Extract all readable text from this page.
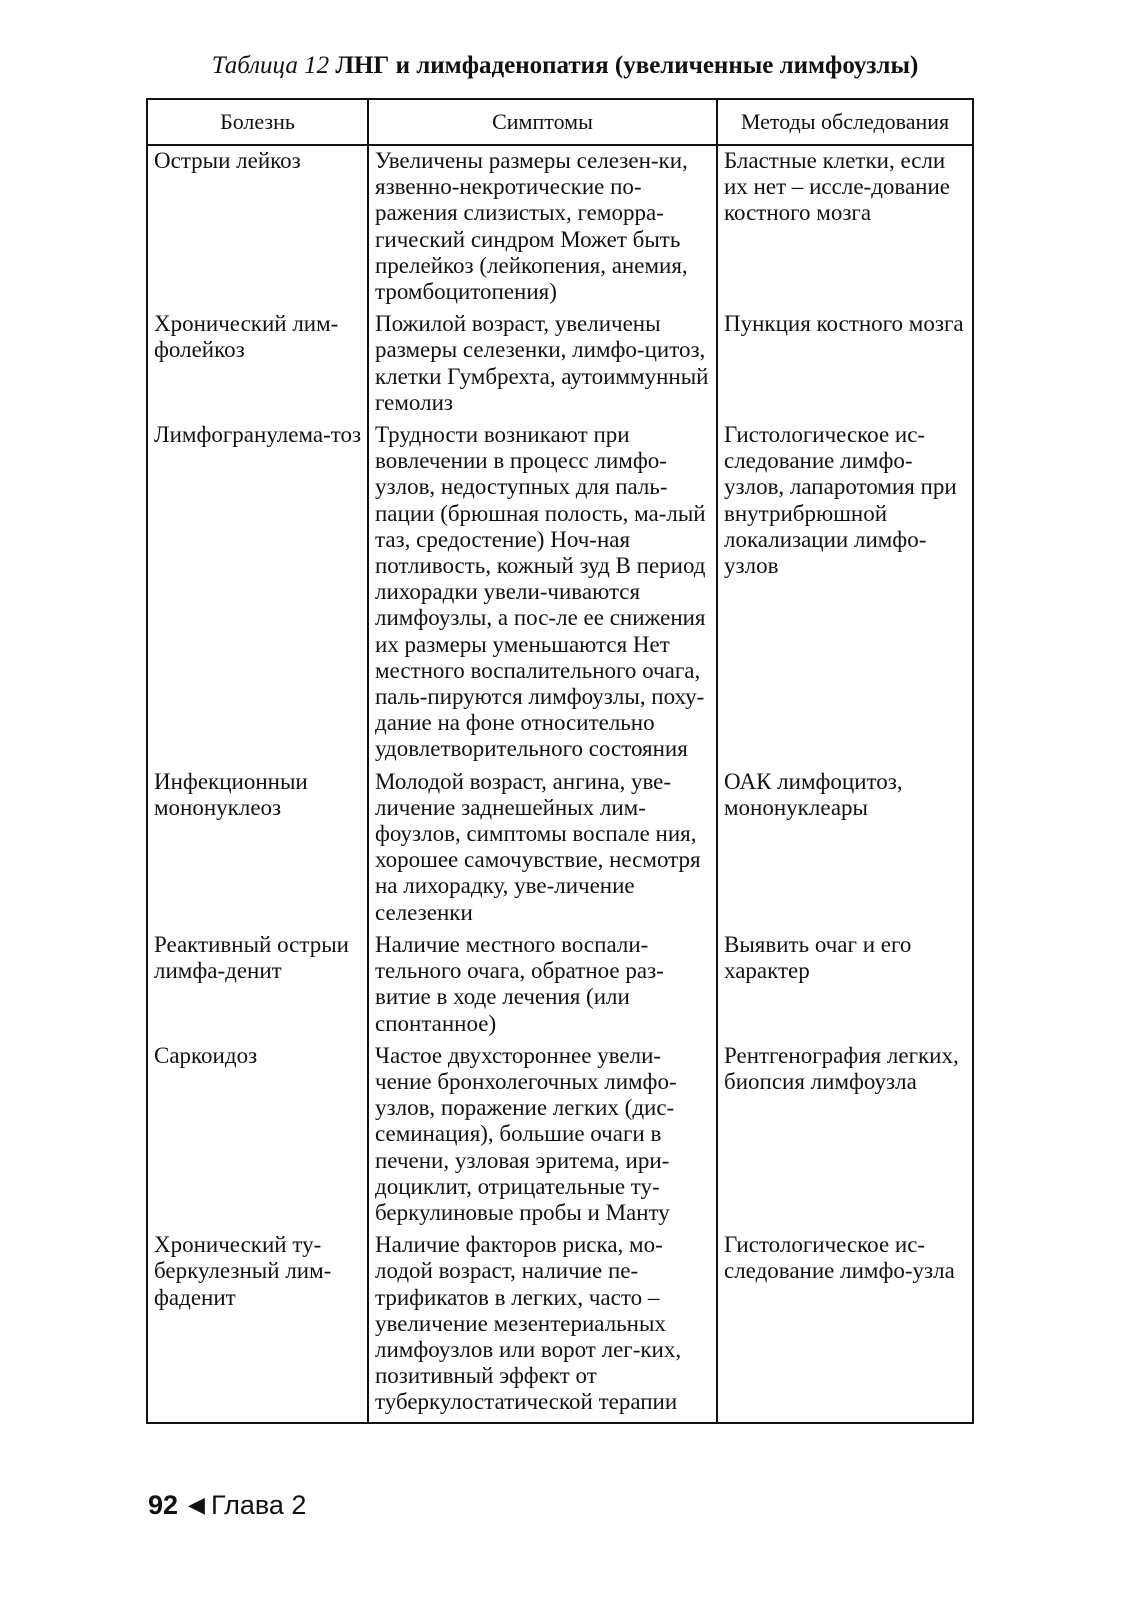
Таблица 12 ЛНГ и лимфаденопатия (увеличенные лимфоузлы)
Болезнь	Симптомы	Методы обследования
Острыи лейкоз	Увеличены размеры селезен-ки, язвенно-некротические по-ражения слизистых, геморра-гический синдром Может быть прелейкоз (лейкопения, анемия, тромбоцитопения)	Бластные клетки, если их нет – иссле-дование костного мозга
Хронический лим-фолейкоз	Пожилой возраст, увеличены размеры селезенки, лимфо-цитоз, клетки Гумбрехта, аутоиммунный гемолиз	Пункция костного мозга
Лимфогранулема-тоз	Трудности возникают при вовлечении в процесс лимфо-узлов, недоступных для паль-пации (брюшная полость, ма-лый таз, средостение) Ноч-ная потливость, кожный зуд В период лихорадки увели-чиваются лимфоузлы, а пос-ле ее снижения их размеры уменьшаются Нет местного воспалительного очага, паль-пируются лимфоузлы, поху-дание на фоне относительно удовлетворительного состояния	Гистологическое ис-следование лимфо-узлов, лапаротомия при внутрибрюшной локализации лимфо-узлов
Инфекционныи мононуклеоз	Молодой возраст, ангина, уве-личение заднешейных лим-фоузлов, симптомы воспале ния, хорошее самочувствие, несмотря на лихорадку, уве-личение селезенки	ОАК лимфоцитоз, мононуклеары
Реактивный острыи лимфа-денит	Наличие местного воспали-тельного очага, обратное раз-витие в ходе лечения (или спонтанное)	Выявить очаг и его характер
Саркоидоз	Частое двухстороннее увели-чение бронхолегочных лимфо-узлов, поражение легких (дис-семинация), большие очаги в печени, узловая эритема, ири-доциклит, отрицательные ту-беркулиновые пробы и Манту	Рентгенография легких, биопсия лимфоузла
Хронический ту-беркулезный лим-фаденит	Наличие факторов риска, мо-лодой возраст, наличие пе-трификатов в легких, часто – увеличение мезентериальных лимфоузлов или ворот лег-ких, позитивный эффект от туберкулостатической терапии	Гистологическое ис-следование лимфо-узла
92 ◀ Глава 2
